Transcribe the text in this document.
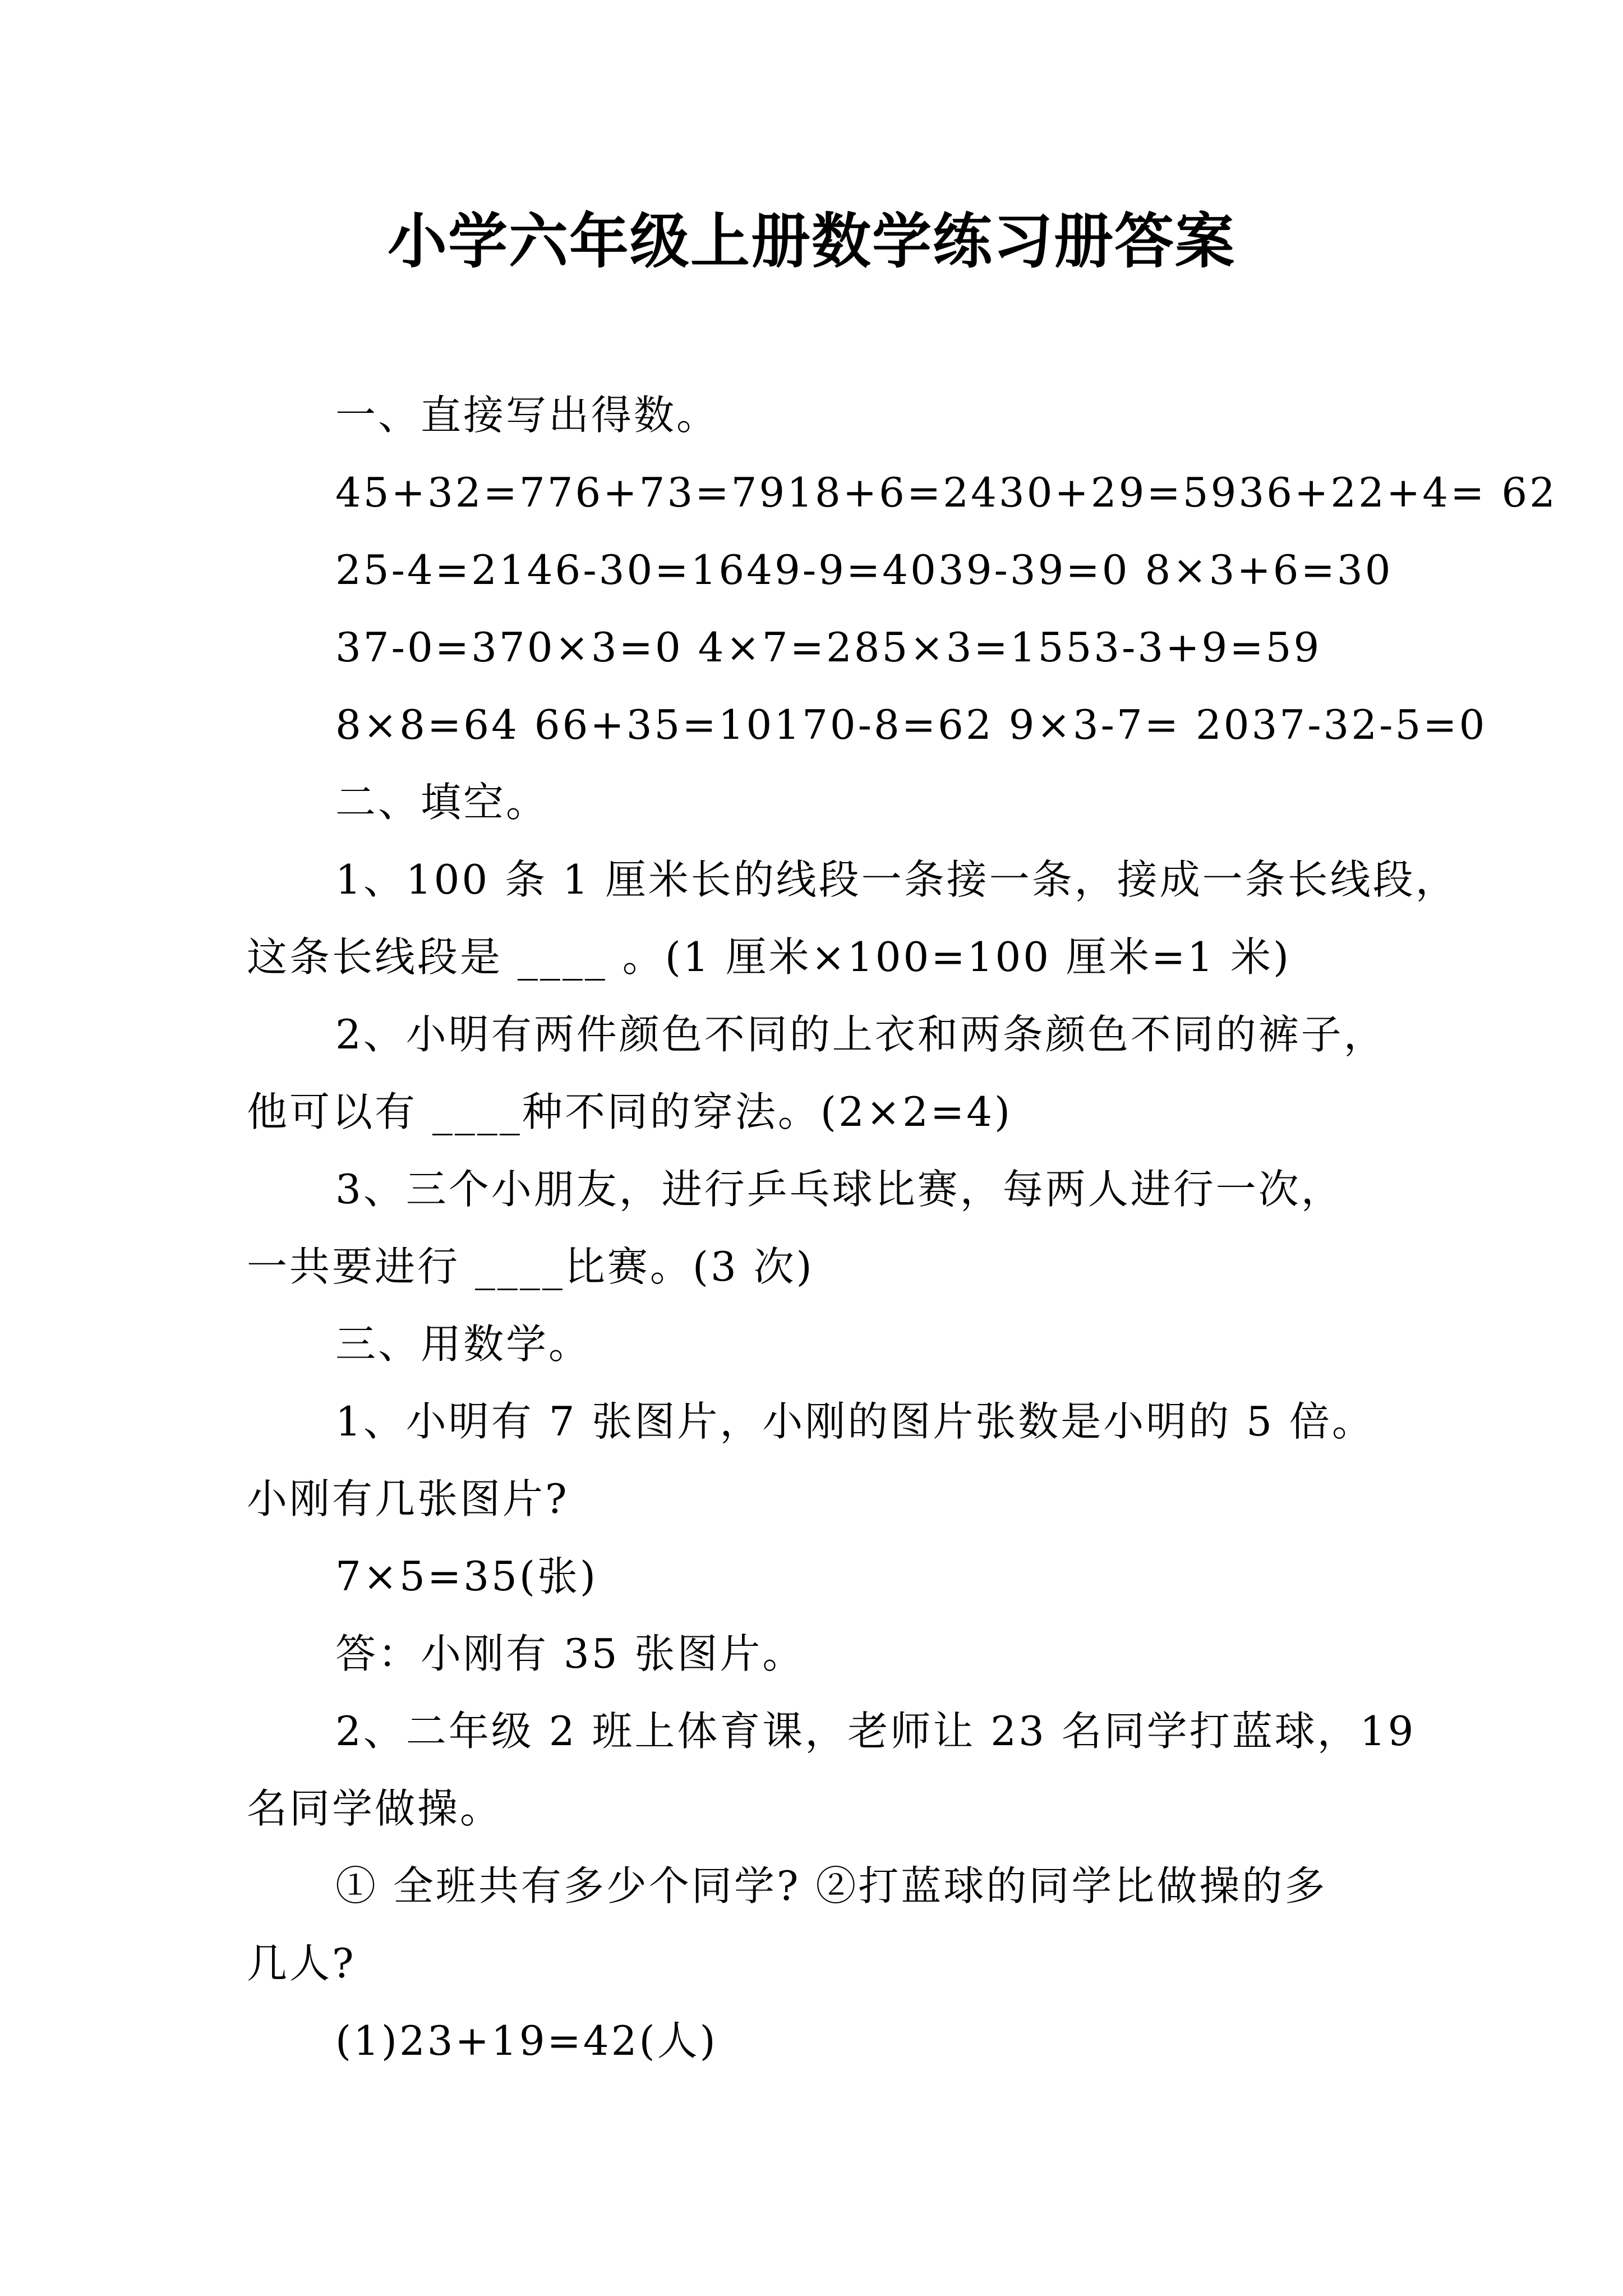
小学六年级上册数学练习册答案
一、直接写出得数。
45+32=776+73=7918+6=2430+29=5936+22+4= 62
25-4=2146-30=1649-9=4039-39=0 8×3+6=30
37-0=370×3=0 4×7=285×3=1553-3+9=59
8×8=64 66+35=10170-8=62 9×3-7= 2037-32-5=0
二、填空。
1、100 条 1 厘米长的线段一条接一条，接成一条长线段，
这条长线段是 ____ 。(1 厘米×100=100 厘米=1 米)
2、小明有两件颜色不同的上衣和两条颜色不同的裤子，
他可以有 ____种不同的穿法。(2×2=4)
3、三个小朋友，进行乒乓球比赛，每两人进行一次，
一共要进行 ____比赛。(3 次)
三、用数学。
1、小明有 7 张图片，小刚的图片张数是小明的 5 倍。
小刚有几张图片?
7×5=35(张)
答：小刚有 35 张图片。
2、二年级 2 班上体育课，老师让 23 名同学打蓝球，19
名同学做操。
① 全班共有多少个同学? ②打蓝球的同学比做操的多
几人?
(1)23+19=42(人)
